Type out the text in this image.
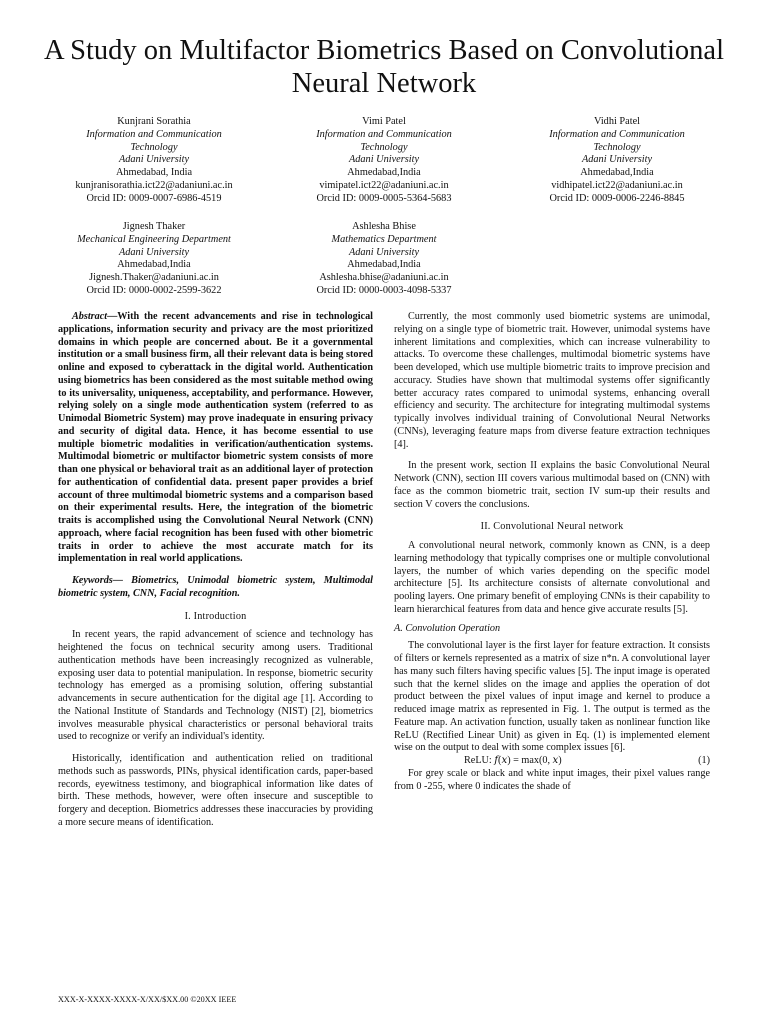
A Study on Multifactor Biometrics Based on Convolutional Neural Network
Kunjrani Sorathia
Information and Communication
Technology
Adani University
Ahmedabad, India
kunjranisorathia.ict22@adaniuni.ac.in
Orcid ID: 0009-0007-6986-4519
Vimi Patel
Information and Communication
Technology
Adani University
Ahmedabad,India
vimipatel.ict22@adaniuni.ac.in
Orcid ID: 0009-0005-5364-5683
Vidhi Patel
Information and Communication
Technology
Adani University
Ahmedabad,India
vidhipatel.ict22@adaniuni.ac.in
Orcid ID: 0009-0006-2246-8845
Jignesh Thaker
Mechanical Engineering Department
Adani University
Ahmedabad,India
Jignesh.Thaker@adaniuni.ac.in
Orcid ID: 0000-0002-2599-3622
Ashlesha Bhise
Mathematics Department
Adani University
Ahmedabad,India
Ashlesha.bhise@adaniuni.ac.in
Orcid ID: 0000-0003-4098-5337

Abstract—With the recent advancements and rise in technological applications, information security and privacy are the most prioritized domains in which people are concerned about. Be it a governmental institution or a small business firm, all their relevant data is being stored online and exposed to cyberattack in the digital world. Authentication using biometrics has been considered as the most suitable method owing to its universality, uniqueness, acceptability, and performance. However, relying solely on a single mode authentication system (referred to as Unimodal Biometric System) may prove inadequate in ensuring privacy and security of digital data. Hence, it has become essential to use multiple biometric modalities in verification/authentication systems. Multimodal biometric or multifactor biometric system consists of more than one physical or behavioral trait as an additional layer of protection for authentication of confidential data. present paper provides a brief account of three multimodal biometric systems and a comparison based on their experimental results. Here, the integration of the biometric traits is accomplished using the Convolutional Neural Network (CNN) approach, where facial recognition has been fused with other biometric traits in order to achieve the most accurate match for its implementation in real world applications.

Keywords— Biometrics, Unimodal biometric system, Multimodal biometric system, CNN, Facial recognition.

I. Introduction

In recent years, the rapid advancement of science and technology has heightened the focus on technical security among users. Traditional authentication methods have been increasingly recognized as vulnerable, exposing user data to potential manipulation. In response, biometric security technology has emerged as a promising solution, offering substantial advancements in secure authentication for the digital age [1]. According to the National Institute of Standards and Technology (NIST) [2], biometrics involves measurable physical characteristics or personal behavioral traits used to recognize or verify an individual's identity.

Historically, identification and authentication relied on traditional methods such as passwords, PINs, physical identification cards, paper-based records, eyewitness testimony, and biographical information like dates of birth. These methods, however, were often insecure and susceptible to forgery and deception. Biometrics addresses these inaccuracies by providing a more secure means of identification.

Currently, the most commonly used biometric systems are unimodal, relying on a single type of biometric trait. However, unimodal systems have inherent limitations and complexities, which can increase vulnerability to attacks. To overcome these challenges, multimodal biometric systems have been developed, which use multiple biometric traits to improve precision and accuracy. Studies have shown that multimodal systems offer significantly better accuracy rates compared to unimodal systems, enhancing overall efficiency and security. The architecture for integrating multimodal systems typically involves individual training of Convolutional Neural Networks (CNNs), leveraging feature maps from diverse feature extraction techniques [4].

In the present work, section II explains the basic Convolutional Neural Network (CNN), section III covers various multimodal based on (CNN) with face as the common biometric trait, section IV sum-up their results and section V covers the conclusions.

II. Convolutional Neural network

A convolutional neural network, commonly known as CNN, is a deep learning methodology that typically comprises one or multiple convolutional layers, the number of which varies depending on the specific model architecture [5]. Its architecture consists of alternate convolutional and pooling layers. One primary benefit of employing CNNs is their capability to learn hierarchical features from data and hence give accurate results [5].

A. Convolution Operation

The convolutional layer is the first layer for feature extraction. It consists of filters or kernels represented as a matrix of size n*n. A convolutional layer has many such filters having specific values [5]. The input image is operated such that the kernel slides on the image and applies the operation of dot product between the pixel values of input image and kernel to produce a reduced image matrix as represented in Fig. 1. The output is termed as the Feature map. An activation function, usually taken as nonlinear function like ReLU (Rectified Linear Unit) as given in Eq. (1) is implemented element wise on the output to deal with some complex issues [6].

ReLU: 𝑓(𝑥) = max(0, 𝑥)	(1)

For grey scale or black and white input images, their pixel values range from 0 -255, where 0 indicates the shade of

XXX-X-XXXX-XXXX-X/XX/$XX.00 ©20XX IEEE
